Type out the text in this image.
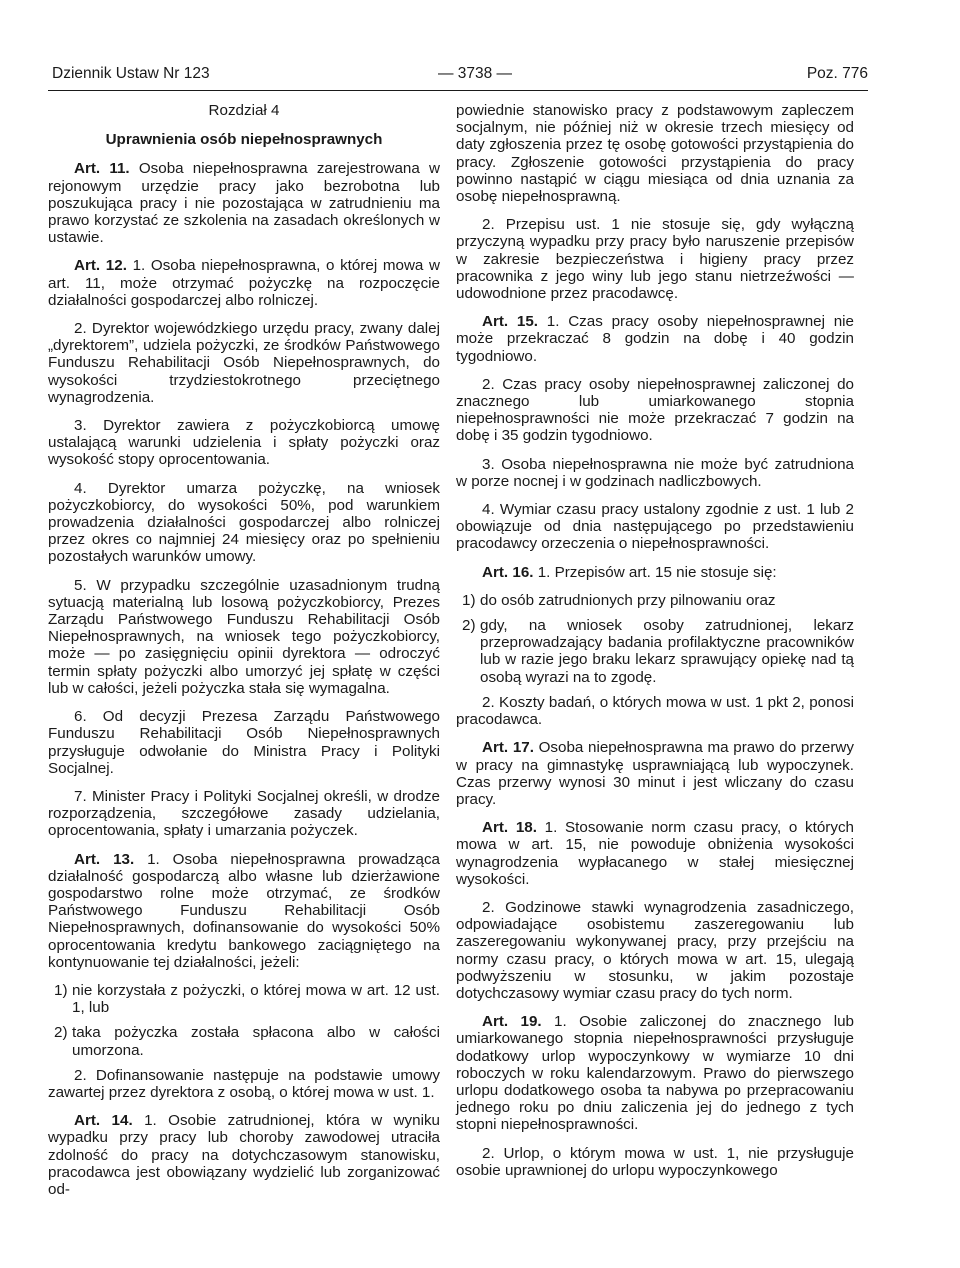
Dziennik Ustaw Nr 123	— 3738 —	Poz. 776

Rozdział 4

Uprawnienia osób niepełnosprawnych

Art. 11. Osoba niepełnosprawna zarejestrowana w rejonowym urzędzie pracy jako bezrobotna lub poszukująca pracy i nie pozostająca w zatrudnieniu ma prawo korzystać ze szkolenia na zasadach określonych w ustawie.

Art. 12. 1. Osoba niepełnosprawna, o której mowa w art. 11, może otrzymać pożyczkę na rozpoczęcie działalności gospodarczej albo rolniczej.

2. Dyrektor wojewódzkiego urzędu pracy, zwany dalej „dyrektorem”, udziela pożyczki, ze środków Państwowego Funduszu Rehabilitacji Osób Niepełnosprawnych, do wysokości trzydziestokrotnego przeciętnego wynagrodzenia.

3. Dyrektor zawiera z pożyczkobiorcą umowę ustalającą warunki udzielenia i spłaty pożyczki oraz wysokość stopy oprocentowania.

4. Dyrektor umarza pożyczkę, na wniosek pożyczkobiorcy, do wysokości 50%, pod warunkiem prowadzenia działalności gospodarczej albo rolniczej przez okres co najmniej 24 miesięcy oraz po spełnieniu pozostałych warunków umowy.

5. W przypadku szczególnie uzasadnionym trudną sytuacją materialną lub losową pożyczkobiorcy, Prezes Zarządu Państwowego Funduszu Rehabilitacji Osób Niepełnosprawnych, na wniosek tego pożyczkobiorcy, może — po zasięgnięciu opinii dyrektora — odroczyć termin spłaty pożyczki albo umorzyć jej spłatę w części lub w całości, jeżeli pożyczka stała się wymagalna.

6. Od decyzji Prezesa Zarządu Państwowego Funduszu Rehabilitacji Osób Niepełnosprawnych przysługuje odwołanie do Ministra Pracy i Polityki Socjalnej.

7. Minister Pracy i Polityki Socjalnej określi, w drodze rozporządzenia, szczegółowe zasady udzielania, oprocentowania, spłaty i umarzania pożyczek.

Art. 13. 1. Osoba niepełnosprawna prowadząca działalność gospodarczą albo własne lub dzierżawione gospodarstwo rolne może otrzymać, ze środków Państwowego Funduszu Rehabilitacji Osób Niepełnosprawnych, dofinansowanie do wysokości 50% oprocentowania kredytu bankowego zaciągniętego na kontynuowanie tej działalności, jeżeli:

1) nie korzystała z pożyczki, o której mowa w art. 12 ust. 1, lub

2) taka pożyczka została spłacona albo w całości umorzona.

2. Dofinansowanie następuje na podstawie umowy zawartej przez dyrektora z osobą, o której mowa w ust. 1.

Art. 14. 1. Osobie zatrudnionej, która w wyniku wypadku przy pracy lub choroby zawodowej utraciła zdolność do pracy na dotychczasowym stanowisku, pracodawca jest obowiązany wydzielić lub zorganizować od-

powiednie stanowisko pracy z podstawowym zapleczem socjalnym, nie później niż w okresie trzech miesięcy od daty zgłoszenia przez tę osobę gotowości przystąpienia do pracy. Zgłoszenie gotowości przystąpienia do pracy powinno nastąpić w ciągu miesiąca od dnia uznania za osobę niepełnosprawną.

2. Przepisu ust. 1 nie stosuje się, gdy wyłączną przyczyną wypadku przy pracy było naruszenie przepisów w zakresie bezpieczeństwa i higieny pracy przez pracownika z jego winy lub jego stanu nietrzeźwości — udowodnione przez pracodawcę.

Art. 15. 1. Czas pracy osoby niepełnosprawnej nie może przekraczać 8 godzin na dobę i 40 godzin tygodniowo.

2. Czas pracy osoby niepełnosprawnej zaliczonej do znacznego lub umiarkowanego stopnia niepełnosprawności nie może przekraczać 7 godzin na dobę i 35 godzin tygodniowo.

3. Osoba niepełnosprawna nie może być zatrudniona w porze nocnej i w godzinach nadliczbowych.

4. Wymiar czasu pracy ustalony zgodnie z ust. 1 lub 2 obowiązuje od dnia następującego po przedstawieniu pracodawcy orzeczenia o niepełnosprawności.

Art. 16. 1. Przepisów art. 15 nie stosuje się:

1) do osób zatrudnionych przy pilnowaniu oraz

2) gdy, na wniosek osoby zatrudnionej, lekarz przeprowadzający badania profilaktyczne pracowników lub w razie jego braku lekarz sprawujący opiekę nad tą osobą wyrazi na to zgodę.

2. Koszty badań, o których mowa w ust. 1 pkt 2, ponosi pracodawca.

Art. 17. Osoba niepełnosprawna ma prawo do przerwy w pracy na gimnastykę usprawniającą lub wypoczynek. Czas przerwy wynosi 30 minut i jest wliczany do czasu pracy.

Art. 18. 1. Stosowanie norm czasu pracy, o których mowa w art. 15, nie powoduje obniżenia wysokości wynagrodzenia wypłacanego w stałej miesięcznej wysokości.

2. Godzinowe stawki wynagrodzenia zasadniczego, odpowiadające osobistemu zaszeregowaniu lub zaszeregowaniu wykonywanej pracy, przy przejściu na normy czasu pracy, o których mowa w art. 15, ulegają podwyższeniu w stosunku, w jakim pozostaje dotychczasowy wymiar czasu pracy do tych norm.

Art. 19. 1. Osobie zaliczonej do znacznego lub umiarkowanego stopnia niepełnosprawności przysługuje dodatkowy urlop wypoczynkowy w wymiarze 10 dni roboczych w roku kalendarzowym. Prawo do pierwszego urlopu dodatkowego osoba ta nabywa po przepracowaniu jednego roku po dniu zaliczenia jej do jednego z tych stopni niepełnosprawności.

2. Urlop, o którym mowa w ust. 1, nie przysługuje osobie uprawnionej do urlopu wypoczynkowego
